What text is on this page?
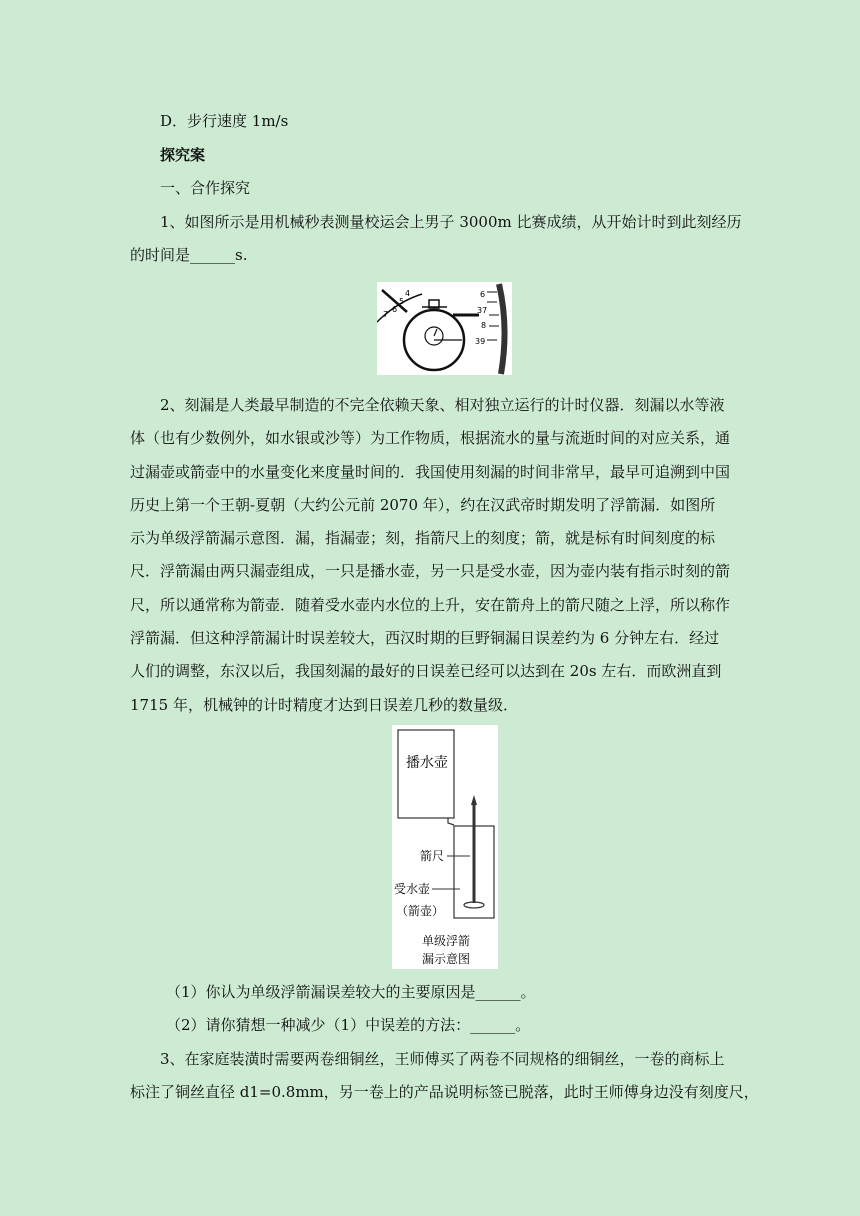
D．步行速度 1m/s
探究案
一、合作探究
1、如图所示是用机械秒表测量校运会上男子 3000m 比赛成绩，从开始计时到此刻经历
的时间是______s.
4
5
6
7
6
37
8
39
2、刻漏是人类最早制造的不完全依赖天象、相对独立运行的计时仪器．刻漏以水等液体（也有少数例外，如水银或沙等）为工作物质，根据流水的量与流逝时间的对应关系，通过漏壶或箭壶中的水量变化来度量时间的．我国使用刻漏的时间非常早，最早可追溯到中国历史上第一个王朝-夏朝（大约公元前 2070 年），约在汉武帝时期发明了浮箭漏．如图所示为单级浮箭漏示意图．漏，指漏壶；刻，指箭尺上的刻度；箭，就是标有时间刻度的标尺．浮箭漏由两只漏壶组成，一只是播水壶，另一只是受水壶，因为壶内装有指示时刻的箭尺，所以通常称为箭壶．随着受水壶内水位的上升，安在箭舟上的箭尺随之上浮，所以称作浮箭漏．但这种浮箭漏计时误差较大，西汉时期的巨野铜漏日误差约为 6 分钟左右．经过人们的调整，东汉以后，我国刻漏的最好的日误差已经可以达到在 20s 左右．而欧洲直到 1715 年，机械钟的计时精度才达到日误差几秒的数量级．
播水壶
箭尺
受水壶
（箭壶）
单级浮箭
漏示意图
（1）你认为单级浮箭漏误差较大的主要原因是______。
（2）请你猜想一种减少（1）中误差的方法：______。
3、在家庭装潢时需要两卷细铜丝，王师傅买了两卷不同规格的细铜丝，一卷的商标上
标注了铜丝直径 d1=0.8mm，另一卷上的产品说明标签已脱落，此时王师傅身边没有刻度尺，
